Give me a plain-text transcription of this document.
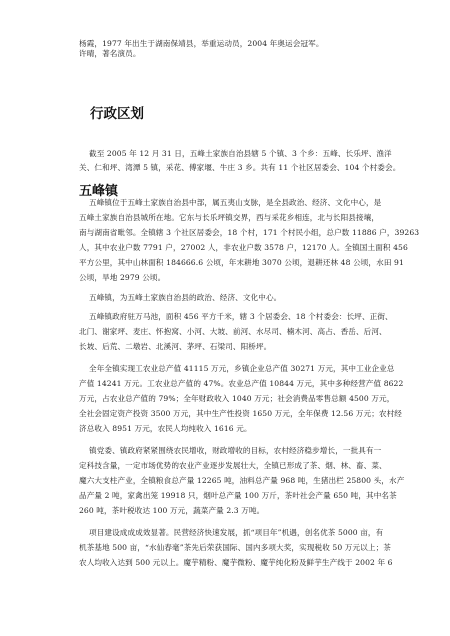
杨霞，1977 年出生于湖南保靖县，举重运动员，2004 年奥运会冠军。
许晴，著名演员。
行政区划
截至 2005 年 12 月 31 日，五峰土家族自治县辖 5 个镇、3 个乡：五峰、长乐坪、渔洋
关、仁和坪、湾潭 5 镇，采花、傅家堰、牛庄 3 乡。共有 11 个社区居委会、104 个村委会。
五峰镇
五峰镇位于五峰土家族自治县中部，属五夷山支脉，是全县政治、经济、文化中心，是
五峰土家族自治县城所在地。它东与长乐坪镇交界，西与采花乡相连，北与长阳县接壤，
南与湖南省毗邻。全镇辖 3 个社区居委会，18 个村，171 个村民小组，总户数 11886 户，39263
人，其中农业户数 7791 户，27002 人，非农业户数 3578 户，12170 人。全镇国土面积 456
平方公里，其中山林面积 184666.6 公顷，年末耕地 3070 公顷，退耕还林 48 公顷，水田 91
公顷，旱地 2979 公顷。
五峰镇，为五峰土家族自治县的政治、经济、文化中心。
五峰镇政府驻万马池，面积 456 平方千米，辖 3 个居委会、18 个村委会：长坪、正街、
北门、谢家坪、麦庄、怀抱窝、小河、大坡、前河、水尽司、楠木河、高占、香岳、后河、
长坡、后荒、二墩岩、北溪河、茅坪、石梁司、阳桥坪。
全年全镇实现工农业总产值 41115 万元，乡镇企业总产值 30271 万元，其中工业企业总
产值 14241 万元。工农业总产值的 47%。农业总产值 10844 万元，其中多种经营产值 8622
万元，占农业总产值的 79%；全年财政收入 1040 万元；社会消费品零售总额 4500 万元，
全社会固定资产投资 3500 万元，其中生产性投资 1650 万元，全年保费 12.56 万元；农村经
济总收入 8951 万元，农民人均纯收入 1616 元。
镇党委、镇政府紧紧围绕农民增收，财政增收的目标，农村经济稳步增长，一批具有一
定科技含量，一定市场优势的农业产业逐步发展壮大，全镇已形成了茶、烟、林、畜、菜、
魔六大支柱产业，全镇粮食总产量 12265 吨，油料总产量 968 吨，生猪出栏 25800 头，水产
品产量 2 吨，家禽出笼 19918 只，烟叶总产量 100 万斤，茶叶社会产量 650 吨，其中名茶
260 吨，茶叶税收达 100 万元，蔬菜产量 2.3 万吨。
项目建设成成成效显著。民营经济快速发展，抓“项目年”机遇，创名优茶 5000 亩，有
机茶基地 500 亩，“水仙春毫”茶先后荣获国际、国内多项大奖，实现税收 50 万元以上；茶
农人均收入达到 500 元以上。魔芋精粉、魔芋微粉、魔芋纯化粉及鲜芋生产线于 2002 年 6
